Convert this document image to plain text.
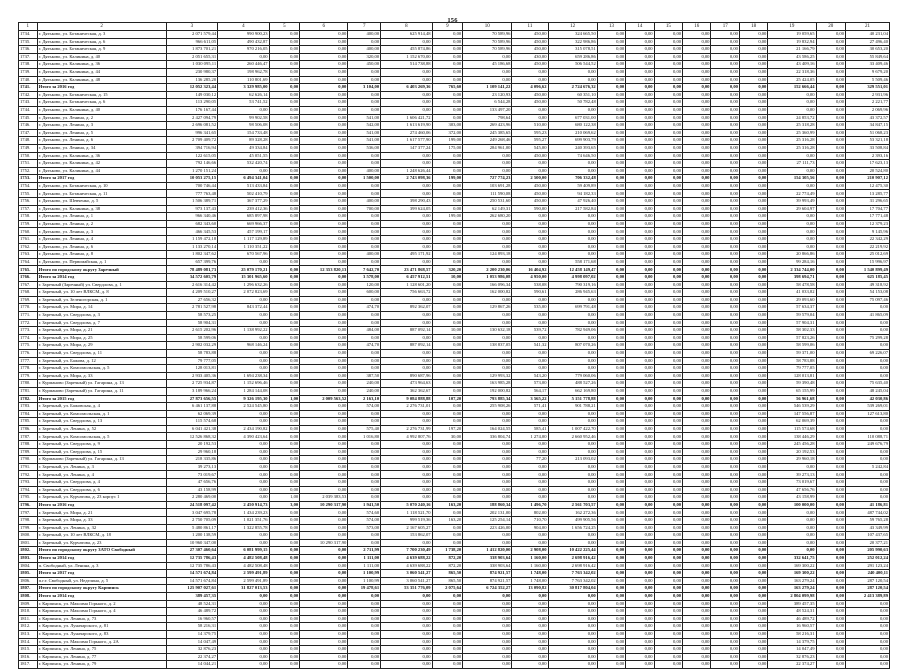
156
1	2	3	4	5	6	7	8	9	10	11	12	13	14	15	16	17	18	19	20	21
1734.	г. Дятьково, ул. Ботаническая, д. 3	2 071 579,44	990 900,23	0,00	0,00	400,00	625 914,48	0,00	70 589,96	450,00	324 665,50	0,00	0,00	0,00	0,00	0,00	0,00	19 059,65	0,00	40 231,04
1735.	г. Дятьково, ул. Ботаническая, д. 6	966 611,05	490 432,87	0,00	0,00	0,00	0,00	0,00	70 589,96	450,00	322 986,86	0,00	0,00	0,00	0,00	0,00	0,00	19 832,94	0,00	27 496,40
1736.	г. Дятьково, ул. Ботаническая, д. 9	1 873 701,21	970 216,05	0,00	0,00	400,00	455 874,86	0,00	70 589,96	450,00	315 078,51	0,00	0,00	0,00	0,00	0,00	0,00	21 166,79	0,00	30 653,20
1737.	г. Дятьково, ул. Калинина, д. 40	2 051 655,31	0,00	0,00	0,00	320,00	1 152 670,00	0,00	0,00	430,00	659 286,86	0,00	0,00	0,00	0,00	0,00	0,00	43 586,25	0,00	55 849,64
1738.	г. Дятьково, ул. Калинина, д. 36	1 030 095,11	260 446,47	0,00	0,00	450,00	514 738,88	0,00	45 186,68	450,00	506 544,52	0,00	0,00	0,00	0,00	0,00	0,00	43 409,16	0,00	33 409,46
1739.	г. Дятьково, ул. Калинина, д. 44	230 980,37	198 962,78	0,00	0,00	0,00	0,00	0,00	0,00	0,00	0,00	0,00	0,00	0,00	0,00	0,00	0,00	22 318,36	0,00	9 679,20
1740.	г. Дятьково, ул. Калинина, д. 48	136 285,20	110 801,69	0,00	0,00	0,00	0,00	0,00	0,00	0,00	0,00	0,00	0,00	0,00	0,00	0,00	0,00	25 424,05	0,00	5 509,46
1741.	Итого за 2016 год	12 052 323,44	3 329 985,00	0,00	0,00	3 104,00	6 403 269,36	765,60	1 109 141,22	4 096,62	2 724 676,32	0,00	0,00	0,00	0,00	0,00	0,00	152 666,44	0,00	329 551,01
1742.	г. Дятьково, ул. Ботаническая, д. 15	149 030,12	62 626,14	0,00	0,00	0,00	0,00	0,00	23 120,93	450,00	60 351,10	0,00	0,00	0,00	0,00	0,00	0,00	0,00	0,00	2 931,96
1743.	г. Дятьково, ул. Ботаническая, д. 6	113 290,05	53 741,52	0,00	0,00	0,00	0,00	0,00	6 544,28	450,00	50 782,48	0,00	0,00	0,00	0,00	0,00	0,00	0,00	0,00	2 221,77
1744.	г. Дятьково, ул. Калинина, д. 40	176 167,44	0,00	0,00	0,00	0,00	0,00	0,00	133 497,20	0,00	0,00	0,00	0,00	0,00	0,00	0,00	0,00	0,00	0,00	2 069,96
1745.	г. Дятьково, ул. Ленина, д. 2	2 427 094,79	99 902,58	0,00	0,00	541,00	1 606 421,72	0,00	798,64	0,00	677 031,00	0,00	0,00	0,00	0,00	0,00	0,00	24 853,72	0,00	43 372,57
1746.	г. Дятьково, ул. Ленина, д. 3	2 696 081,52	98 506,08	0,00	0,00	542,00	1 613 619,90	303,00	269 423,96	510,00	680 122,38	0,00	0,00	0,00	0,00	0,00	0,00	25 318,28	0,00	34 847,15
1747.	г. Дятьково, ул. Ленина, д. 5	996 341,65	154 733,48	0,00	0,00	541,00	274 460,06	372,00	245 385,65	595,23	210 069,62	0,00	0,00	0,00	0,00	0,00	0,00	25 360,99	0,00	51 068,23
1748.	г. Дятьково, ул. Ленина, д. 6	2 709 409,72	89 328,28	0,00	0,00	541,00	1 617 577,90	199,00	249 268,46	595,27	699 903,79	0,00	0,00	0,00	0,00	0,00	0,00	25 316,28	0,00	53 321,18
1749.	г. Дятьково, ул. Ленина, д. 34	394 716,94	49 334,84	0,00	0,00	536,00	147 377,24	175,00	284 961,00	545,00	240 393,65	0,00	0,00	0,00	0,00	0,00	0,00	25 316,28	0,00	33 508,84
1750.	г. Дятьково, ул. Калинина, д. 36	122 615,05	45 051,55	0,00	0,00	0,00	0,00	0,00	0,00	450,00	74 646,50	0,00	0,00	0,00	0,00	0,00	0,00	0,00	0,00	2 393,16
1751.	г. Дятьково, ул. Калинина, д. 42	792 146,66	532 420,74	0,00	0,00	0,00	0,00	0,00	0,00	0,00	0,00	0,00	0,00	0,00	0,00	0,00	0,00	27 111,73	0,00	17 623,13
1752.	г. Дятьково, ул. Калинина, д. 44	1 270 151,24	0,00	0,00	0,00	400,00	1 248 626,44	0,00	0,00	0,00	0,00	0,00	0,00	0,00	0,00	0,00	0,00	0,00	0,00	20 524,80
1753.	Итого за 2017 год	10 053 275,15	6 494 341,04	0,00	0,00	1 500,00	2 743 098,36	199,00	727 774,23	2 500,00	706 332,48	0,00	0,00	0,00	0,00	0,00	0,00	154 305,56	0,00	210 907,12
1754.	г. Дятьково, ул. Ботаническая, д. 10	700 746,44	513 433,84	0,00	0,00	0,00	0,00	0,00	103 691,28	450,00	59 409,89	0,00	0,00	0,00	0,00	0,00	0,00	0,00	0,00	12 475,30
1755.	г. Дятьково, ул. Ботаническая, д. 11	777 763,48	502 410,79	0,00	0,00	0,00	0,00	0,00	111 590,08	450,00	94 182,33	0,00	0,00	0,00	0,00	0,00	0,00	22 774,49	0,00	13 285,77
1756.	г. Дятьково, ул. Шевченко, д. 5	1 506 389,71	367 377,29	0,00	0,00	400,00	398 290,43	0,00	250 531,60	450,00	47 926,40	0,00	0,00	0,00	0,00	0,00	0,00	39 993,49	0,00	31 296,65
1757.	г. Дятьково, ул. Калинина, д. 38	973 137,43	239 412,36	0,00	0,00	700,00	399 624,05	0,00	62 149,31	590,00	217 582,84	0,00	0,00	0,00	0,00	0,00	0,00	29 604,97	0,00	17 704,77
1758.	г. Дятьково, ул. Ленина, д. 1	966 340,46	685 897,98	0,00	0,00	0,00	0,00	199,00	262 680,20	0,00	0,00	0,00	0,00	0,00	0,00	0,00	0,00	0,00	0,00	17 771,48
1759.	г. Дятьково, ул. Ленина, д. 2	682 343,60	669 966,37	0,00	0,00	0,00	0,00	0,00	0,00	0,00	0,00	0,00	0,00	0,00	0,00	0,00	0,00	0,00	0,00	12 379,23
1760.	г. Дятьково, ул. Ленина, д. 3	466 345,53	457 199,17	0,00	0,00	0,00	0,00	0,00	0,00	0,00	0,00	0,00	0,00	0,00	0,00	0,00	0,00	0,00	0,00	9 145,96
1761.	г. Дятьково, ул. Ленина, д. 4	1 159 472,18	1 117 129,89	0,00	0,00	0,00	0,00	0,00	0,00	0,00	0,00	0,00	0,00	0,00	0,00	0,00	0,00	0,00	0,00	22 342,29
1762.	г. Дятьково, ул. Ленина, д. 6	1 133 270,14	1 110 351,22	0,00	0,00	0,00	0,00	0,00	0,00	0,00	0,00	0,00	0,00	0,00	0,00	0,00	0,00	0,00	0,00	22 219,92
1763.	г. Дятьково, ул. Ленина, д. 8	1 802 347,62	670 567,96	0,00	0,00	400,00	495 171,92	0,00	124 893,18	0,00	0,00	0,00	0,00	0,00	0,00	0,00	0,00	20 866,86	0,00	25 012,69
1764.	г. Дятьково, ул. Первомайская, д. 1	657 399,76	0,00	0,00	0,00	0,00	0,00	0,00	0,00	0,00	558 171,68	0,00	0,00	0,00	0,00	0,00	0,00	99 284,16	0,00	15 996,97
1765.	Итого по городскому округу Заречный	78 489 081,73	25 079 170,21	0,00	12 353 820,13	7 642,70	23 471 868,57	320,20	2 200 230,06	16 404,92	12 458 149,47	0,00	0,00	0,00	0,00	0,00	0,00	2 334 744,00	0,00	1 540 899,49
1766.	Итого за 2014 год	34 572 605,79	15 301 965,60	0,00	0,00	3 578,00	6 457 912,51	10,00	1 053 986,08	4 950,00	4 998 097,02	0,00	0,00	0,00	0,00	0,00	0,00	398 694,71	0,00	625 185,45
1767.	г. Заречный (Заречный) ул. Свердлова, д. 1	2 616 314,42	1 296 632,26	0,00	0,00	120,00	1 128 601,20	0,00	166 096,34	538,08	790 319,16	0,00	0,00	0,00	0,00	0,00	0,00	58 478,58	0,00	49 318,92
1768.	г. Заречный, ул. 10 лет ВЛКСМ, д. 8	4 209 510,27	2 072 823,69	0,00	0,00	600,00	756 663,72	0,00	162 000,82	590,61	286 945,63	0,00	0,00	0,00	0,00	0,00	0,00	41 033,82	0,00	54 153,08
1769.	г. Заречный, ул. Зеленогорская, д. 1	27 656,32	0,00	0,00	0,00	0,00	0,00	0,00	0,00	0,00	0,00	0,00	0,00	0,00	0,00	0,00	0,00	29 093,60	0,00	75 097,46
1770.	г. Заречный, ул. Мира, д. 14	2 781 527,98	843 372,44	0,00	0,00	474,70	892 362,07	0,00	129 867,26	535,00	699 791,48	0,00	0,00	0,00	0,00	0,00	0,00	57 634,37	0,00	0,00
1771.	г. Заречный, ул. Свердлова, д. 3	58 573,25	0,00	0,00	0,00	0,00	0,00	0,00	0,00	0,00	0,00	0,00	0,00	0,00	0,00	0,00	0,00	59 579,04	0,00	41 865,09
1772.	г. Заречный, ул. Свердлова, д. 7	58 904,31	0,00	0,00	0,00	0,00	0,00	0,00	0,00	0,00	0,00	0,00	0,00	0,00	0,00	0,00	0,00	57 904,31	0,00	0,00
1773.	г. Заречный, ул. Мира, д. 21	2 615 202,96	1 138 992,22	0,00	0,00	484,00	887 092,14	10,00	130 632,18	539,72	782 949,06	0,00	0,00	0,00	0,00	0,00	0,00	58 302,33	0,00	0,00
1774.	г. Заречный, ул. Мира, д. 25	58 599,06	0,00	0,00	0,00	0,00	0,00	0,00	0,00	0,00	0,00	0,00	0,00	0,00	0,00	0,00	0,00	57 823,26	0,00	75 299,28
1775.	г. Заречный, ул. Мира, д. 29	2 902 032,29	968 146,24	0,00	0,00	474,70	887 092,14	0,00	138 837,05	541,32	807 070,26	0,00	0,00	0,00	0,00	0,00	0,00	58 599,06	0,00	0,00
1776.	г. Заречный, ул. Свердлова, д. 11	58 783,88	0,00	0,00	0,00	0,00	0,00	0,00	0,00	0,00	0,00	0,00	0,00	0,00	0,00	0,00	0,00	59 371,00	0,00	69 226,07
1777.	г. Заречный, ул. Бажова, д. 12	79 777,05	0,00	0,00	0,00	0,00	0,00	0,00	0,00	0,00	0,00	0,00	0,00	0,00	0,00	0,00	0,00	58 783,88	0,00	0,00
1778.	г. Заречный, ул. Комсомольская, д. 5	128 013,81	0,00	0,00	0,00	0,00	0,00	0,00	0,00	0,00	0,00	0,00	0,00	0,00	0,00	0,00	0,00	79 777,05	0,00	0,00
1779.	г. Заречный, ул. Мира, д. 33	2 933 405,36	1 694 238,34	0,00	0,00	387,50	890 687,96	0,00	129 993,32	543,20	779 060,06	0,00	0,00	0,00	0,00	0,00	0,00	128 013,81	0,00	0,00
1780.	г. Курманово (Заречный) ул. Гагарина, д. 13	2 725 934,87	1 152 696,46	0,00	0,00	240,00	473 964,63	0,00	163 985,28	573,00	488 527,26	0,00	0,00	0,00	0,00	0,00	0,00	59 390,48	0,00	75 635,40
1781.	г. Курманово (Заречный) ул. Гагарина, д. 11	3 189 966,24	1 284 144,08	0,00	0,00	240,00	362 362,67	0,00	192 000,82	564,17	662 169,80	0,00	0,00	0,00	0,00	0,00	0,00	65 155,99	0,00	48 245,04
1782.	Итого за 2015 год	27 873 656,55	9 326 195,30	1,00	2 009 563,52	2 163,10	9 084 888,88	107,20	793 885,34	3 565,22	5 151 778,88	0,00	0,00	0,00	0,00	0,00	0,00	56 961,68	0,00	42 030,86
1783.	г. Заречный, ул. Бажовская, д. 4	6 461 137,88	2 524 545,80	0,00	0,00	574,00	2 276 731,01	0,00	255 908,26	571,41	901 788,21	0,00	0,00	0,00	0,00	0,00	0,00	546 539,29	0,00	539 269,01
1784.	г. Заречный, ул. Комсомольская, д. 1	62 069,39	0,00	0,00	0,00	0,00	0,00	0,00	0,00	0,00	0,00	0,00	0,00	0,00	0,00	0,00	0,00	147 556,87	0,00	127 613,80
1785.	г. Заречный, ул. Свердлова, д. 13	115 574,68	0,00	0,00	0,00	0,00	0,00	0,00	0,00	0,00	0,00	0,00	0,00	0,00	0,00	0,00	0,00	62 069,39	0,00	0,00
1786.	г. Заречный, ул. Ленина, д. 52	6 041 421,38	2 434 190,82	0,00	0,00	575,40	2 276 731,99	197,20	164 024,55	585,41	1 007 422,70	0,00	0,00	0,00	0,00	0,00	0,00	115 574,68	0,00	0,00
1787.	г. Заречный, ул. Комсомольская, д. 5	12 526 868,32	4 390 423,64	0,00	0,00	1 016,80	4 992 807,76	30,00	336 804,74	1 274,00	2 660 952,46	0,00	0,00	0,00	0,00	0,00	0,00	138 446,29	0,00	110 088,71
1788.	г. Заречный, ул. Свердлова, д. 9	20 192,53	0,00	0,00	0,00	0,00	0,00	0,00	0,00	0,00	0,00	0,00	0,00	0,00	0,00	0,00	0,00	245 456,28	0,00	249 676,79
1789.	г. Заречный, ул. Свердлова, д. 15	29 960,18	0,00	0,00	0,00	0,00	0,00	0,00	0,00	0,00	0,00	0,00	0,00	0,00	0,00	0,00	0,00	20 192,53	0,00	0,00
1790.	г. Курманово (Заречный) ул. Гагарина, д. 13	218 335,86	0,00	0,00	0,00	0,00	0,00	0,00	0,00	77,20	213 093,02	0,00	0,00	0,00	0,00	0,00	0,00	29 960,18	0,00	0,00
1791.	г. Заречный, ул. Ленина, д. 3	39 273,13	0,00	0,00	0,00	0,00	0,00	0,00	0,00	0,00	0,00	0,00	0,00	0,00	0,00	0,00	0,00	0,00	0,00	5 242,84
1792.	г. Заречный, ул. Ленина, д. 4	73 019,67	0,00	0,00	0,00	0,00	0,00	0,00	0,00	0,00	0,00	0,00	0,00	0,00	0,00	0,00	0,00	39 273,13	0,00	0,00
1793.	г. Заречный, ул. Свердлова, д. 4	47 656,76	0,00	0,00	0,00	0,00	0,00	0,00	0,00	0,00	0,00	0,00	0,00	0,00	0,00	0,00	0,00	73 019,67	0,00	0,00
1794.	г. Заречный, ул. Свердлова, д. 6	43 158,99	0,00	0,00	0,00	0,00	0,00	0,00	0,00	0,00	0,00	0,00	0,00	0,00	0,00	0,00	0,00	47 656,76	0,00	0,00
1795.	г. Заречный, ул. Курчатова, д. 23 корпус 1	2 280 469,00	0,00	1,00	2 039 383,53	0,00	0,00	0,00	0,00	0,00	0,00	0,00	0,00	0,00	0,00	0,00	0,00	43 158,99	0,00	0,00
1796.	Итого за 2016 год	24 518 097,42	2 450 914,73	3,00	10 290 317,90	1 941,50	5 070 240,16	163,20	188 860,34	1 496,70	2 561 703,57	0,00	0,00	0,00	0,00	0,00	0,00	100 000,00	0,00	41 186,81
1797.	г. Заречный, ул. Мира, д. 21	3 047 695,78	1 434 239,23	0,00	0,00	574,60	1 118 521,70	0,00	202 131,00	802,00	162 272,36	0,00	0,00	0,00	0,00	0,00	0,00	0,00	0,00	487 744,02
1798.	г. Заречный, ул. Мира, д. 33	2 750 705,09	1 021 351,76	0,00	0,00	574,00	999 519,36	163,20	125 254,14	710,70	499 905,56	0,00	0,00	0,00	0,00	0,00	0,00	0,00	0,00	59 765,28
1799.	г. Заречный, ул. Ленина, д. 32	5 480 861,17	1 322 855,78	0,00	0,00	573,00	2 167 605,27	0,00	223 426,00	904,00	1 656 724,25	0,00	0,00	0,00	0,00	0,00	0,00	0,00	0,00	43 349,99
1800.	г. Заречный, ул. 10 лет ВЛКСМ, д. 18	1 200 138,59	0,00	0,00	0,00	0,00	153 862,07	0,00	0,00	0,00	0,00	0,00	0,00	0,00	0,00	0,00	0,00	0,00	0,00	107 437,65
1801.	г. Заречный, ул. Курчатова, д. 23	10 960 347,00	0,00	0,00	10 290 317,90	0,00	0,00	0,00	0,00	0,00	0,00	0,00	0,00	0,00	0,00	0,00	0,00	0,00	0,00	20 377,21
1802.	Итого по городскому округу ЗАТО Свободный	27 307 460,64	6 081 999,15	0,00	0,00	2 711,99	7 700 230,49	1 738,20	1 412 820,00	2 908,00	10 422 225,44	0,00	0,00	0,00	0,00	0,00	0,00	0,00	0,00	205 990,63
1803.	Итого за 2014 год	12 735 786,43	4 482 508,48	0,00	0,00	1 111,00	4 639 688,22	872,20	338 903,64	1 160,00	2 698 916,42	0,00	0,00	0,00	0,00	0,00	0,00	332 641,75	0,00	252 012,24
1804.	п. Свободный, ул. Ленина, д. 3	12 735 786,43	4 482 508,48	0,00	0,00	1 111,00	4 639 688,22	872,20	338 903,64	1 160,00	2 698 916,42	0,00	0,00	0,00	0,00	0,00	0,00	169 300,22	0,00	291 123,24
1805.	Итого за 2017 год	14 571 674,84	2 599 491,89	0,00	0,00	1 100,99	3 060 541,27	865,50	874 921,57	1 748,00	7 763 342,02	0,00	0,00	0,00	0,00	0,00	0,00	169 300,22	0,00	240 400,11
1806.	п.г.т. Свободный, ул. Неделина, д. 5	14 571 674,84	2 599 491,89	0,00	0,00	1 100,99	3 060 541,27	865,50	874 921,57	1 748,00	7 763 342,02	0,00	0,00	0,00	0,00	0,00	0,00	163 279,24	0,00	287 120,54
1807.	Итого по городскому округу Карпинск	125 907 027,61	31 827 013,53	0,00	0,00	19 478,61	53 351 776,09	2 075,64	6 724 352,27	13 090,82	30 817 804,04	0,00	0,00	0,00	0,00	0,00	0,00	163 279,24	0,00	287 120,54
1808.	Итого за 2014 год	389 457,35	0,00	0,00	0,00	0,00	0,00	0,00	0,00	0,00	0,00	0,00	0,00	0,00	0,00	0,00	0,00	2 804 099,98	0,00	2 413 389,89
1809.	г. Карпинск, ул. Максима Горького, д. 2	48 524,31	0,00	0,00	0,00	0,00	0,00	0,00	0,00	0,00	0,00	0,00	0,00	0,00	0,00	0,00	0,00	389 457,35	0,00	0,00
1810.	г. Карпинск, ул. Максима Горького, д. 4	46 489,72	0,00	0,00	0,00	0,00	0,00	0,00	0,00	0,00	0,00	0,00	0,00	0,00	0,00	0,00	0,00	48 524,31	0,00	0,00
1811.	г. Карпинск, ул. Ленина, д. 73	16 960,57	0,00	0,00	0,00	0,00	0,00	0,00	0,00	0,00	0,00	0,00	0,00	0,00	0,00	0,00	0,00	46 489,72	0,00	0,00
1812.	г. Карпинск, ул. Луначарского, д. 81	58 216,31	0,00	0,00	0,00	0,00	0,00	0,00	0,00	0,00	0,00	0,00	0,00	0,00	0,00	0,00	0,00	16 960,57	0,00	0,00
1813.	г. Карпинск, ул. Луначарского, д. 83	14 379,75	0,00	0,00	0,00	0,00	0,00	0,00	0,00	0,00	0,00	0,00	0,00	0,00	0,00	0,00	0,00	58 216,31	0,00	0,00
1814.	г. Карпинск, ул. Максима Горького, д. 2А	14 047,49	0,00	0,00	0,00	0,00	0,00	0,00	0,00	0,00	0,00	0,00	0,00	0,00	0,00	0,00	0,00	14 379,75	0,00	0,00
1815.	г. Карпинск, ул. Ленина, д. 75	32 876,23	0,00	0,00	0,00	0,00	0,00	0,00	0,00	0,00	0,00	0,00	0,00	0,00	0,00	0,00	0,00	14 047,49	0,00	0,00
1816.	г. Карпинск, ул. Ленина, д. 77	22 374,27	0,00	0,00	0,00	0,00	0,00	0,00	0,00	0,00	0,00	0,00	0,00	0,00	0,00	0,00	0,00	32 876,23	0,00	0,00
1817.	г. Карпинск, ул. Ленина, д. 79	14 044,21	0,00	0,00	0,00	0,00	0,00	0,00	0,00	0,00	0,00	0,00	0,00	0,00	0,00	0,00	0,00	22 374,27	0,00	0,00
